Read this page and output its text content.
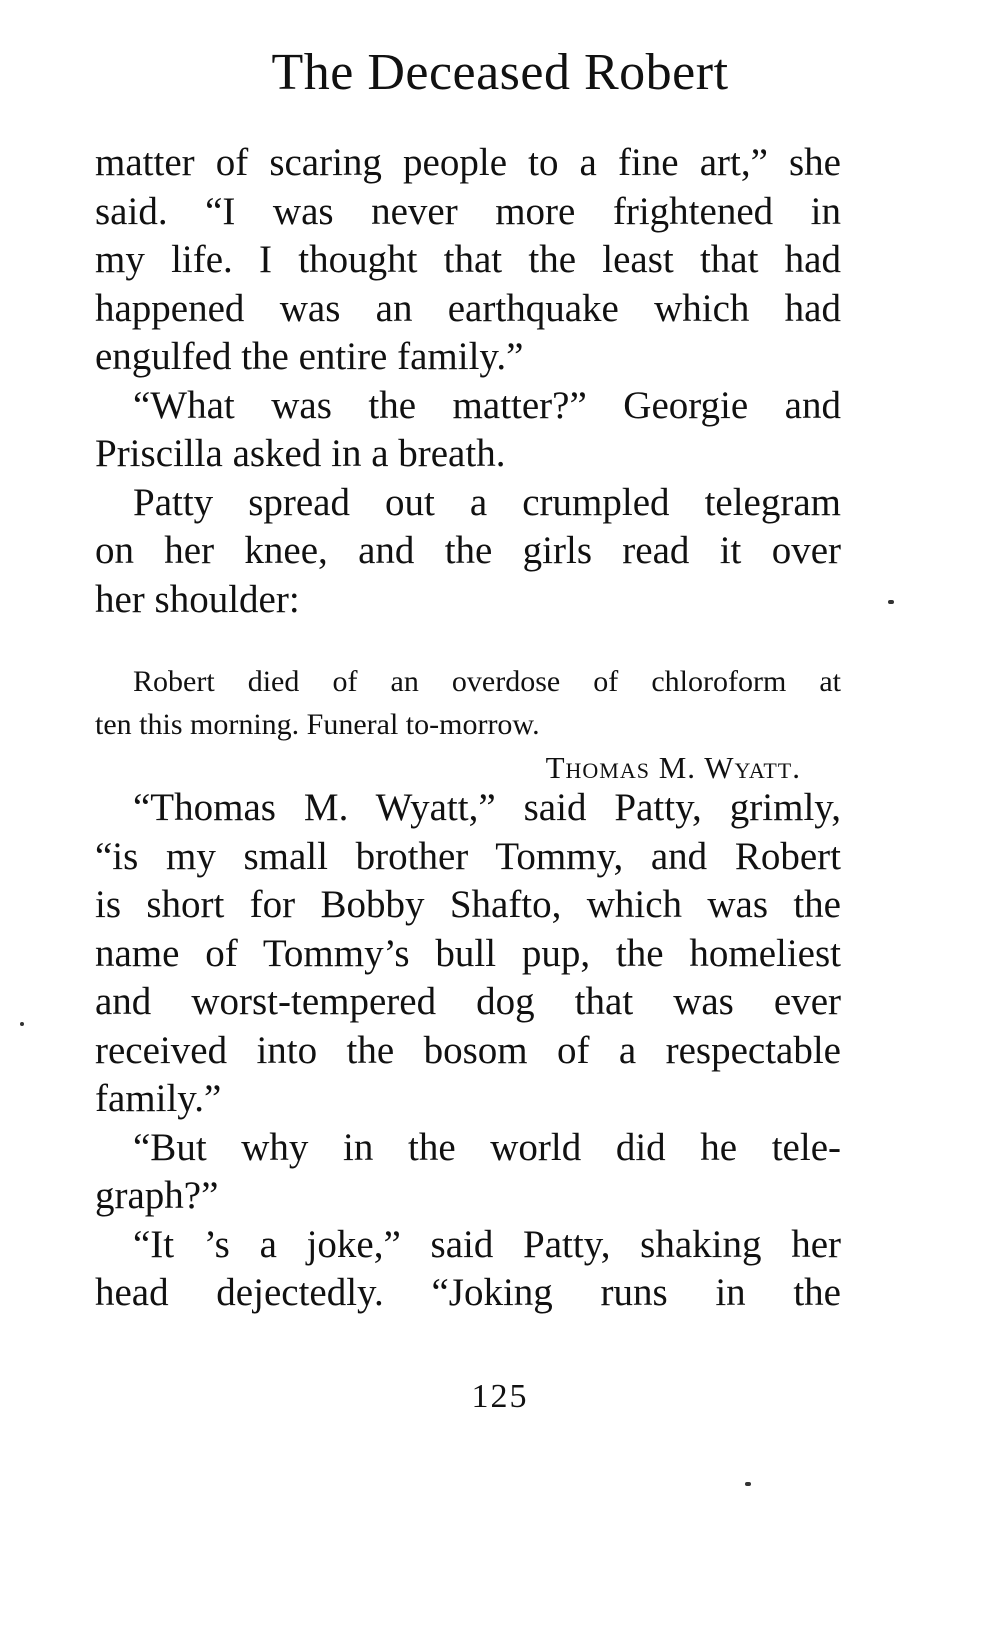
The Deceased Robert
matter of scaring people to a fine art,” she
said. “I was never more frightened in
my life. I thought that the least that had
happened was an earthquake which had
engulfed the entire family.”
“What was the matter?” Georgie and
Priscilla asked in a breath.
Patty spread out a crumpled telegram
on her knee, and the girls read it over
her shoulder:
Robert died of an overdose of chloroform at
ten this morning. Funeral to-morrow.
Thomas M. Wyatt.
“Thomas M. Wyatt,” said Patty, grimly,
“is my small brother Tommy, and Robert
is short for Bobby Shafto, which was the
name of Tommy’s bull pup, the homeliest
and worst-tempered dog that was ever
received into the bosom of a respectable
family.”
“But why in the world did he tele-
graph?”
“It ’s a joke,” said Patty, shaking her
head dejectedly. “Joking runs in the
125
